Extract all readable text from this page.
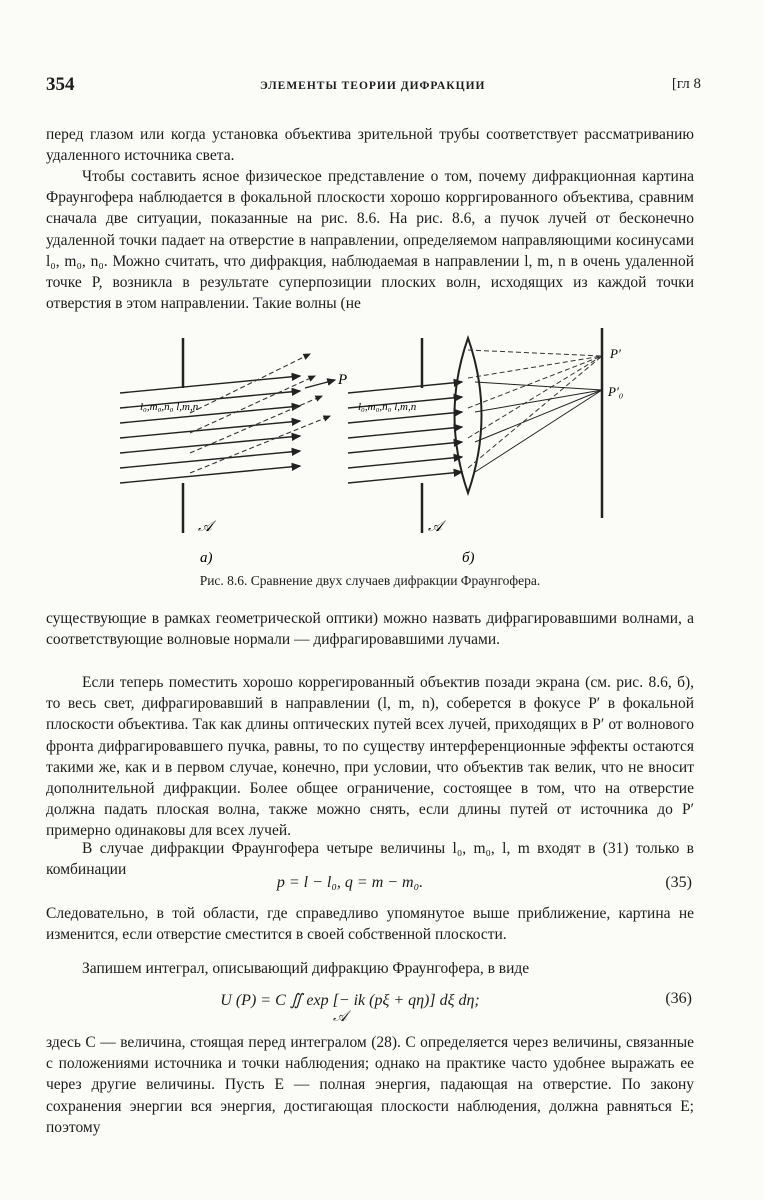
354	ЭЛЕМЕНТЫ ТЕОРИИ ДИФРАКЦИИ	[гл 8

перед глазом или когда установка объектива зрительной трубы соответствует рассматриванию удаленного источника света.

Чтобы составить ясное физическое представление о том, почему дифракционная картина Фраунгофера наблюдается в фокальной плоскости хорошо корргированного объектива, сравним сначала две ситуации, показанные на рис. 8.6. На рис. 8.6, а пучок лучей от бесконечно удаленной точки падает на отверстие в направлении, определяемом направляющими косинусами l₀, m₀, n₀. Можно считать, что дифракция, наблюдаемая в направлении l, m, n в очень удаленной точке P, возникла в результате суперпозиции плоских волн, исходящих из каждой точки отверстия в этом направлении. Такие волны (не

P
l₀,m₀,n₀ l,m,n
𝒜
P′
P′₀
l₀,m₀,n₀ l,m,n
𝒜
а)	б)
Рис. 8.6. Сравнение двух случаев дифракции Фраунгофера.

существующие в рамках геометрической оптики) можно назвать дифрагировавшими волнами, а соответствующие волновые нормали — дифрагировавшими лучами.

Если теперь поместить хорошо коррегированный объектив позади экрана (см. рис. 8.6, б), то весь свет, дифрагировавший в направлении (l, m, n), соберется в фокусе P′ в фокальной плоскости объектива. Так как длины оптических путей всех лучей, приходящих в P′ от волнового фронта дифрагировавшего пучка, равны, то по существу интерференционные эффекты остаются такими же, как и в первом случае, конечно, при условии, что объектив так велик, что не вносит дополнительной дифракции. Более общее ограничение, состоящее в том, что на отверстие должна падать плоская волна, также можно снять, если длины путей от источника до P′ примерно одинаковы для всех лучей.

В случае дифракции Фраунгофера четыре величины l₀, m₀, l, m входят в (31) только в комбинации

p = l − l₀, q = m − m₀.	(35)

Следовательно, в той области, где справедливо упомянутое выше приближение, картина не изменится, если отверстие сместится в своей собственной плоскости.

Запишем интеграл, описывающий дифракцию Фраунгофера, в виде

U (P) = C ∬ exp [− ik (pξ + qη)] dξ dη;	(36)
𝒜

здесь C — величина, стоящая перед интегралом (28). C определяется через величины, связанные с положениями источника и точки наблюдения; однако на практике часто удобнее выражать ее через другие величины. Пусть E — полная энергия, падающая на отверстие. По закону сохранения энергии вся энергия, достигающая плоскости наблюдения, должна равняться E; поэтому
